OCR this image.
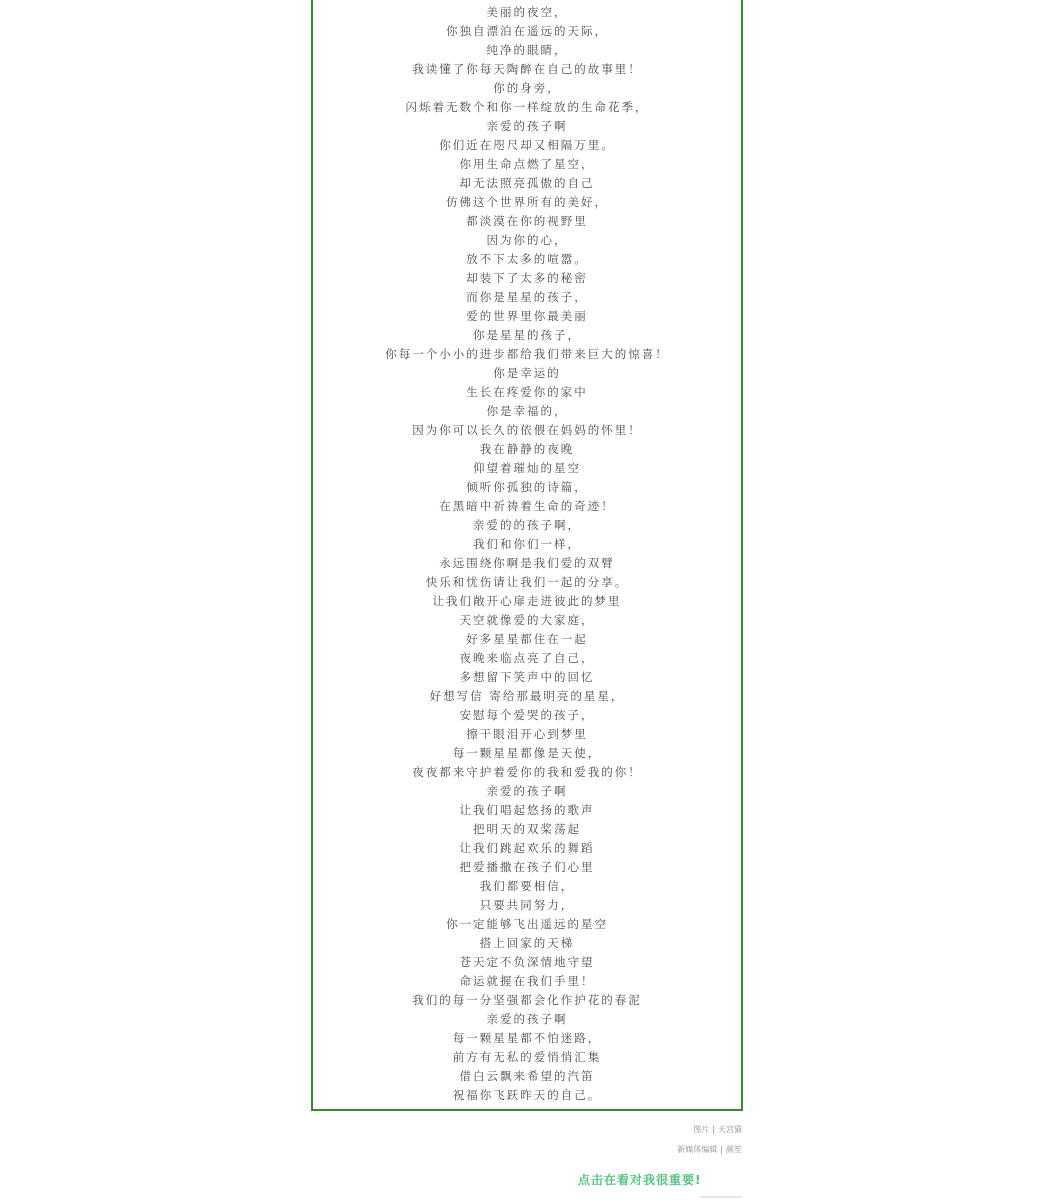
美丽的夜空，
你独自漂泊在遥远的天际，
纯净的眼睛，
我读懂了你每天陶醉在自己的故事里！
你的身旁，
闪烁着无数个和你一样绽放的生命花季，
亲爱的孩子啊
你们近在咫尺却又相隔万里。
你用生命点燃了星空，
却无法照亮孤傲的自己
仿佛这个世界所有的美好，
都淡漠在你的视野里
因为你的心，
放不下太多的喧嚣。
却装下了太多的秘密
而你是星星的孩子，
爱的世界里你最美丽
你是星星的孩子，
你每一个小小的进步都给我们带来巨大的惊喜！
你是幸运的
生长在疼爱你的家中
你是幸福的，
因为你可以长久的依偎在妈妈的怀里！
我在静静的夜晚
仰望着璀灿的星空
倾听你孤独的诗篇，
在黑暗中祈祷着生命的奇迹！
亲爱的的孩子啊，
我们和你们一样，
永远围绕你啊是我们爱的双臂
快乐和忧伤请让我们一起的分享。
让我们敞开心扉走进彼此的梦里
天空就像爱的大家庭，
好多星星都住在一起
夜晚来临点亮了自己，
多想留下笑声中的回忆
好想写信 寄给那最明亮的星星，
安慰每个爱哭的孩子，
擦干眼泪开心到梦里
每一颗星星都像是天使，
夜夜都来守护着爱你的我和爱我的你！
亲爱的孩子啊
让我们唱起悠扬的歌声
把明天的双桨荡起
让我们跳起欢乐的舞蹈
把爱播撒在孩子们心里
我们都要相信，
只要共同努力，
你一定能够飞出遥远的星空
搭上回家的天梯
苍天定不负深情地守望
命运就握在我们手里！
我们的每一分坚强都会化作护花的春泥
亲爱的孩子啊
每一颗星星都不怕迷路，
前方有无私的爱悄悄汇集
借白云飘来希望的汽笛
祝福你飞跃昨天的自己。
图片 | 天宫猫
新媒体编辑 | 颜笙
点击在看对我很重要!
